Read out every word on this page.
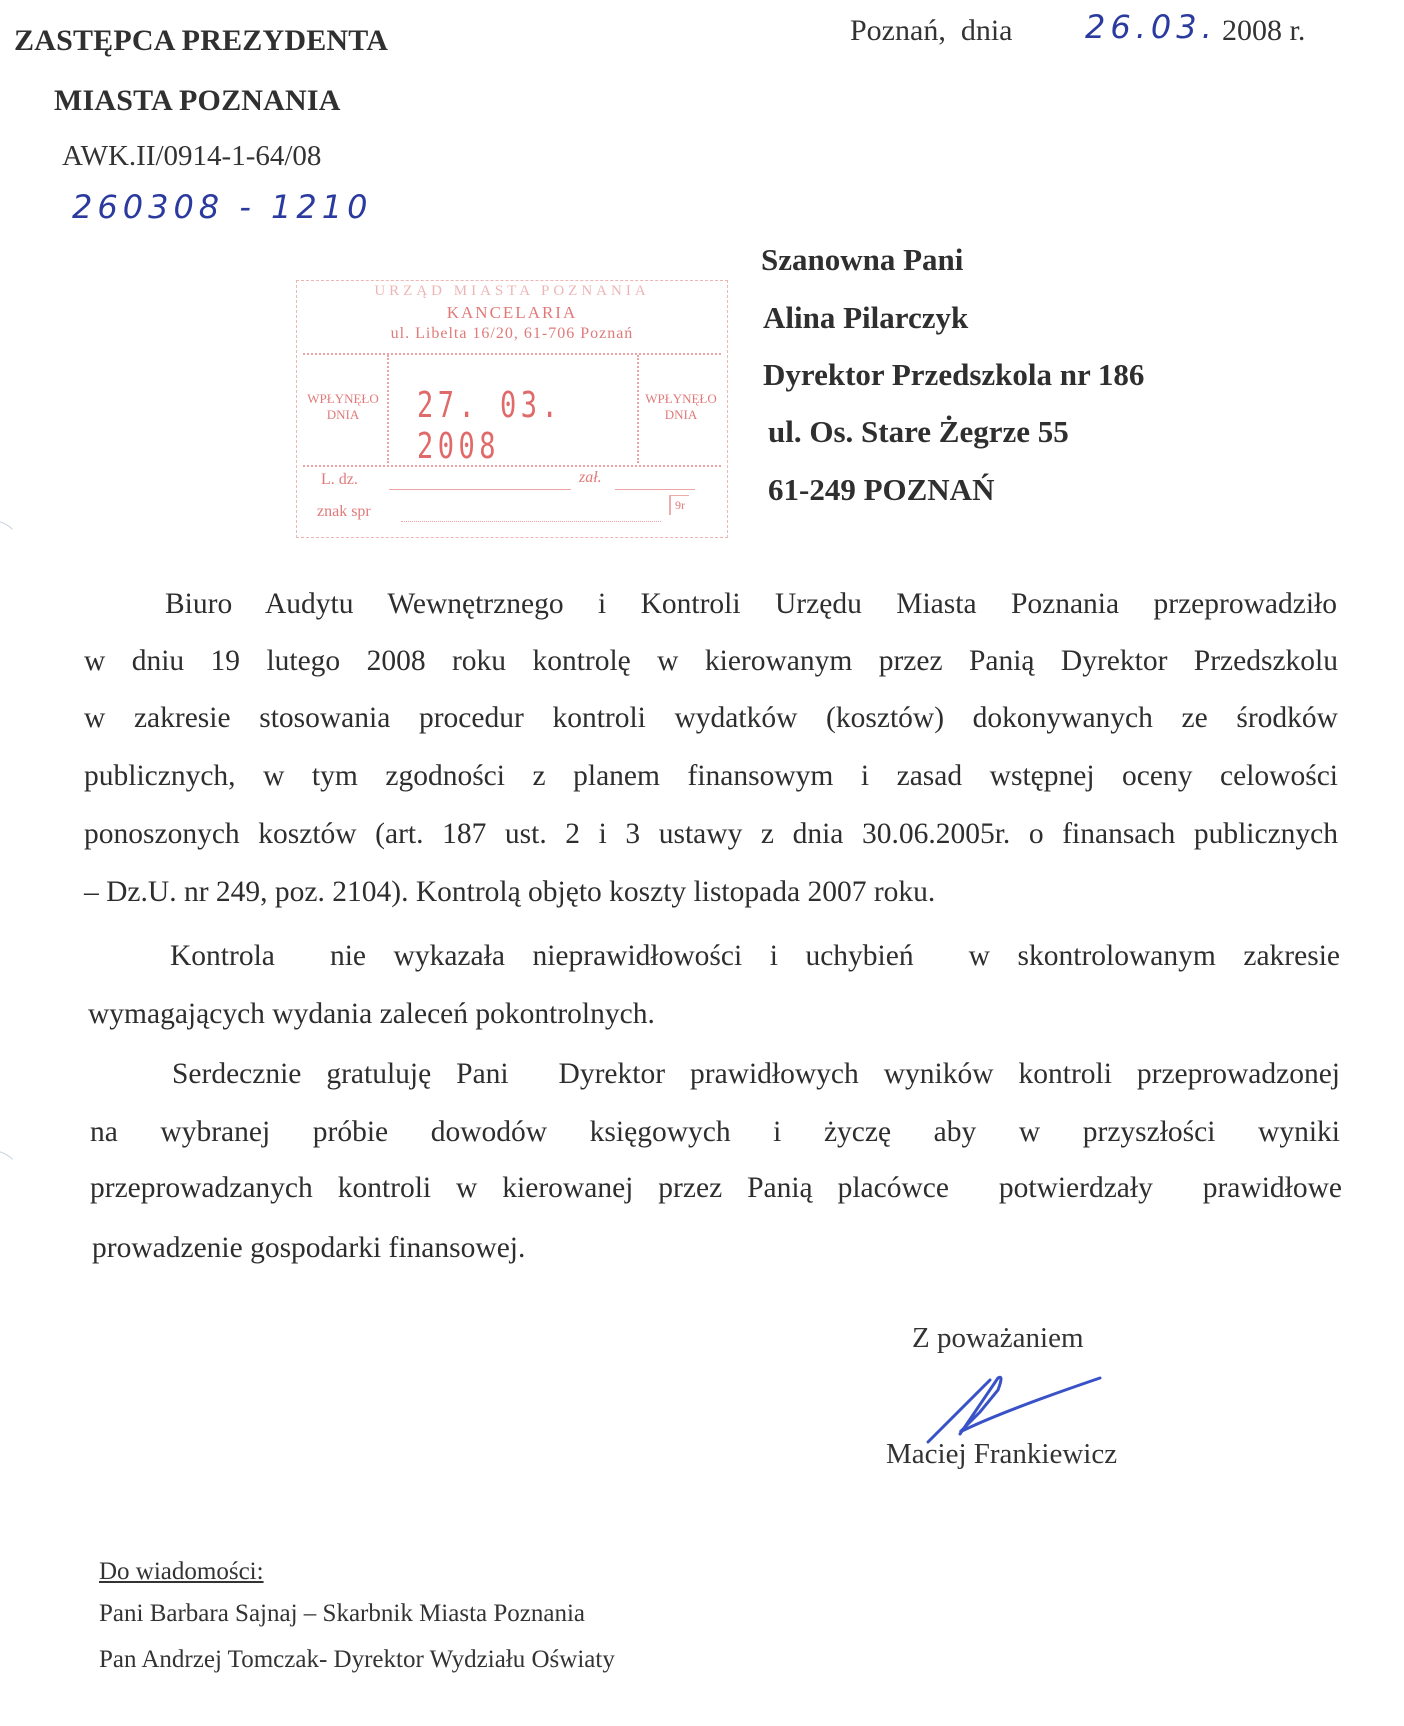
ZASTĘPCA PREZYDENTA
MIASTA POZNANIA
AWK.II/0914-1-64/08
260308 - 1210
Poznań,  dnia 26.03. 2008 r.
URZĄD MIASTA POZNANIA
KANCELARIA
ul. Libelta 16/20, 61-706 Poznań
WPŁYNĘŁO
DNIA	27. 03. 2008
WPŁYNĘŁO
DNIA
L. dz.	zał.
znak spr	9r
Szanowna Pani
Alina Pilarczyk
Dyrektor Przedszkola nr 186
ul. Os. Stare Żegrze 55
61-249 POZNAŃ
Biuro Audytu Wewnętrznego i Kontroli Urzędu Miasta Poznania przeprowadziło
w dniu 19 lutego 2008 roku kontrolę w kierowanym przez Panią Dyrektor Przedszkolu
w zakresie stosowania procedur kontroli wydatków (kosztów) dokonywanych ze środków
publicznych, w tym zgodności z planem finansowym i zasad wstępnej oceny celowości
ponoszonych kosztów (art. 187 ust. 2 i 3 ustawy z dnia 30.06.2005r. o finansach publicznych
– Dz.U. nr 249, poz. 2104). Kontrolą objęto koszty listopada 2007 roku.
Kontrola  nie wykazała nieprawidłowości i uchybień  w skontrolowanym zakresie
wymagających wydania zaleceń pokontrolnych.
Serdecznie gratuluję Pani  Dyrektor prawidłowych wyników kontroli przeprowadzonej
na wybranej próbie dowodów księgowych i życzę aby w przyszłości wyniki
przeprowadzanych kontroli w kierowanej przez Panią placówce  potwierdzały  prawidłowe
prowadzenie gospodarki finansowej.
Z poważaniem
Maciej Frankiewicz
Do wiadomości:
Pani Barbara Sajnaj – Skarbnik Miasta Poznania
Pan Andrzej Tomczak- Dyrektor Wydziału Oświaty
